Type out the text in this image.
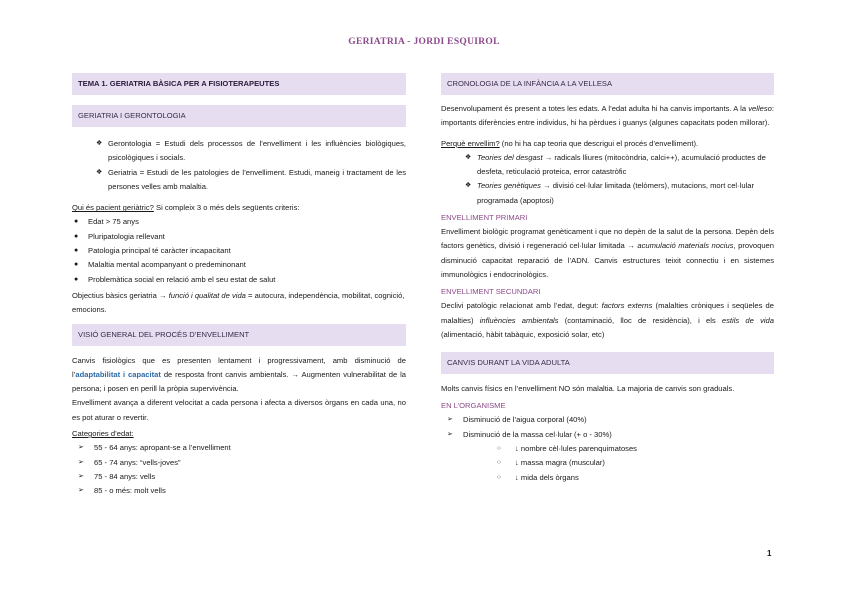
GERIATRIA - JORDI ESQUIROL
TEMA 1. GERIATRIA BÀSICA PER A FISIOTERAPEUTES
GERIATRIA I GERONTOLOGIA
❖ Gerontologia = Estudi dels processos de l’envelliment i les influències biològiques, psicològiques i socials.
❖ Geriatria = Estudi de les patologies de l’envelliment. Estudi, maneig i tractament de les persones velles amb malaltia.

Qui és pacient geriàtric? Si compleix 3 o més dels següents criteris:

● Edat > 75 anys
● Pluripatologia rellevant
● Patologia principal té caràcter incapacitant
● Malaltia mental acompanyant o predeminonant
● Problemàtica social en relació amb el seu estat de salut

Objectius bàsics geriatria → funció i qualitat de vida = autocura, independència, mobilitat, cognició, emocions.

VISIÓ GENERAL DEL PROCÉS D’ENVELLIMENT

Canvis fisiològics que es presenten lentament i progressivament, amb disminució de l’adaptabilitat i capacitat de resposta front canvis ambientals. → Augmenten vulnerabilitat de la persona; i posen en perill la pròpia supervivència.

Envelliment avança a diferent velocitat a cada persona i afecta a diversos òrgans en cada una, no es pot aturar o revertir.

Categories d’edat:

➢ 55 - 64 anys: apropant-se a l’envelliment
➢ 65 - 74 anys: “vells-joves”
➢ 75 - 84 anys: vells
➢ 85 - o més: molt vells
CRONOLOGIA DE LA INFÀNCIA A LA VELLESA

Desenvolupament és present a totes les edats. A l’edat adulta hi ha canvis importants. A la velleso: importants diferències entre individus, hi ha pèrdues i guanys (algunes capacitats poden millorar).

Perquè envellim? (no hi ha cap teoria que descrigui el procés d’envelliment).

❖ Teories del desgast → radicals lliures (mitocòndria, calci++), acumulació productes de desfeta, reticulació proteica, error catastròfic
❖ Teories genètiques → divisió cel·lular limitada (telòmers), mutacions, mort cel·lular programada (apoptosi)
ENVELLIMENT PRIMARI

Envelliment biològic programat genèticament i que no depèn de la salut de la persona. Depèn dels factors genètics, divisió i regeneració cel·lular limitada → acumulació materials nocius, provoquen disminució capacitat reparació de l’ADN. Canvis estructures teixit connectiu i en sistemes immunològics i endocrinològics.

ENVELLIMENT SECUNDARI

Declivi patològic relacionat amb l’edat, degut: factors externs (malalties cròniques i seqüeles de malalties) influències ambientals (contaminació, lloc de residència), i els estils de vida (alimentació, hàbit tabàquic, exposició solar, etc)

CANVIS DURANT LA VIDA ADULTA

Molts canvis físics en l’envelliment NO són malaltia. La majoria de canvis son graduals.

EN L’ORGANISME
➢ Disminució de l’aigua corporal (40%)
➢ Disminució de la massa cel·lular (+ o - 30%)
○ ↓ nombre cèl·lules parenquimatoses
○ ↓ massa magra (muscular)
○ ↓ mida dels òrgans
1
